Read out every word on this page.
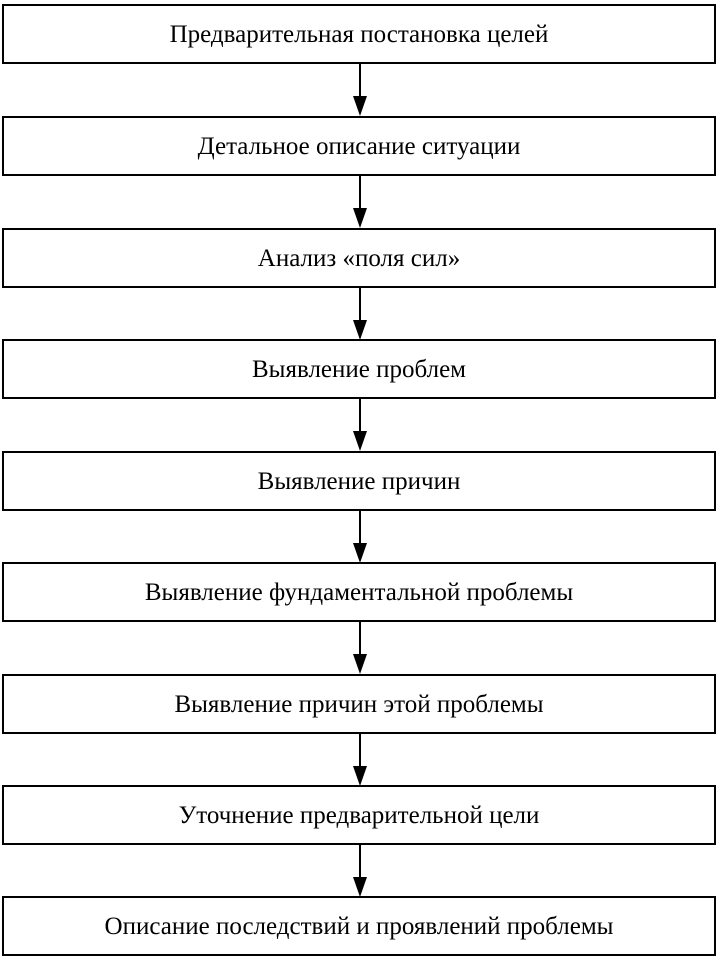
Предварительная постановка целей
Детальное описание ситуации
Анализ «поля сил»
Выявление проблем
Выявление причин
Выявление фундаментальной проблемы
Выявление причин этой проблемы
Уточнение предварительной цели
Описание последствий и проявлений проблемы
